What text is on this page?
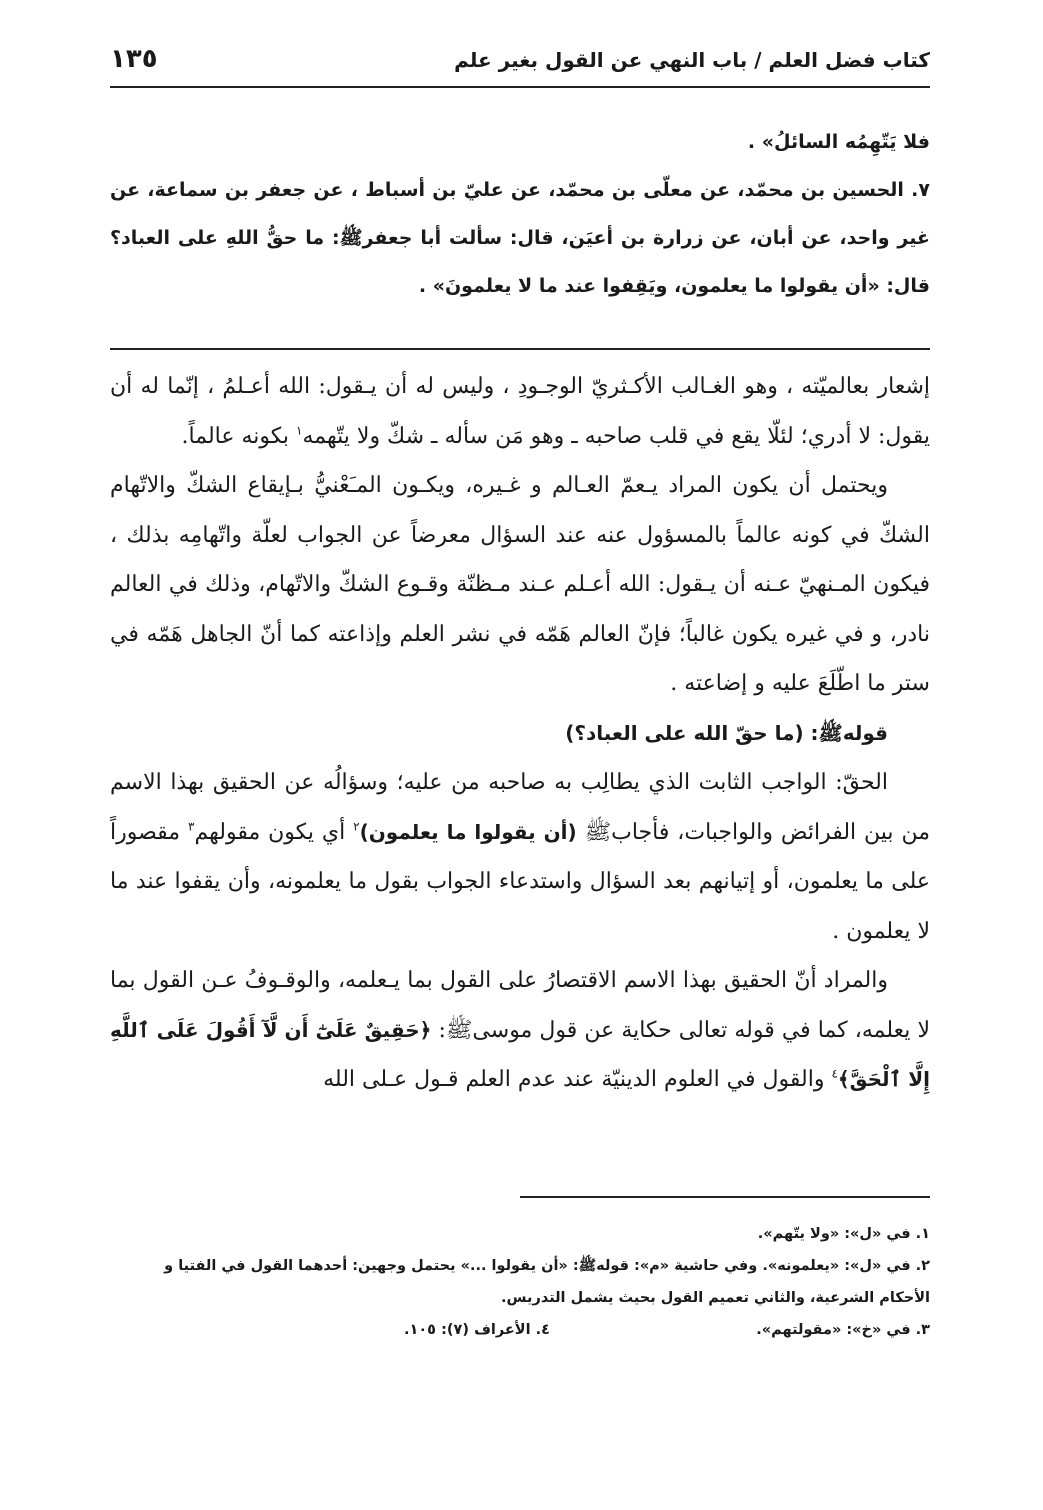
كتاب فضل العلم / باب النهي عن القول بغير علم
١٣٥

فلا يَتّهِمُه السائلُ» .

٧. الحسين بن محمّد، عن معلّى بن محمّد، عن عليّ بن أسباط ، عن جعفر بن سماعة، عن غير واحد، عن أبان، عن زرارة بن أعيَن، قال: سألت أبا جعفرﷺ: ما حقُّ اللهِ على العباد؟ قال: «أن يقولوا ما يعلمون، ويَقِفوا عند ما لا يعلمونَ» .

إشعار بعالميّته ، وهو الغـالب الأكـثريّ الوجـودِ ، وليس له أن يـقول: الله أعـلمُ ، إنّما له أن يقول: لا أدري؛ لئلّا يقع في قلب صاحبه ـ وهو مَن سأله ـ شكّ ولا يتّهمه$^١$ بكونه عالماً.

ويحتمل أن يكون المراد يـعمّ العـالم و غـيره، ويكـون المـَعْنيُّ بـإيقاع الشكّ والاتّهام الشكّ في كونه عالماً بالمسؤول عنه عند السؤال معرضاً عن الجواب لعلّة واتّهامِه بذلك ، فيكون المـنهيّ عـنه أن يـقول: الله أعـلم عـند مـظنّة وقـوع الشكّ والاتّهام، وذلك في العالم نادر، و في غيره يكون غالباً؛ فإنّ العالم هَمّه في نشر العلم وإذاعته كما أنّ الجاهل هَمّه في ستر ما اطّلَعَ عليه و إضاعته .

قولهﷺ: (ما حقّ الله على العباد؟)

الحقّ: الواجب الثابت الذي يطالِب به صاحبه من عليه؛ وسؤالُه عن الحقيق بهذا الاسم من بين الفرائض والواجبات، فأجابﷺ (أن يقولوا ما يعلمون)$^٢$ أي يكون مقولهم$^٣$ مقصوراً على ما يعلمون، أو إتيانهم بعد السؤال واستدعاء الجواب بقول ما يعلمونه، وأن يقفوا عند ما لا يعلمون .

والمراد أنّ الحقيق بهذا الاسم الاقتصارُ على القول بما يـعلمه، والوقـوفُ عـن القول بما لا يعلمه، كما في قوله تعالى حكاية عن قول موسىﷺ: ﴿حَقِيقٌ عَلَىٰٓ أَن لَّآ أَقُولَ عَلَى ٱللَّهِ إِلَّا ٱلْحَقَّ﴾$^٤$ والقول في العلوم الدينيّة عند عدم العلم قـول عـلى الله

١. في «ل»: «ولا يتّهم».

٢. في «ل»: «يعلمونه». وفي حاشية «م»: قولهﷺ: «أن يقولوا ...» يحتمل وجهين: أحدهما القول في الفتيا و الأحكام الشرعية، والثاني تعميم القول بحيث يشمل التدريس.

٣. في «خ»: «مقولتهم».

٤. الأعراف (٧): ١٠٥.
